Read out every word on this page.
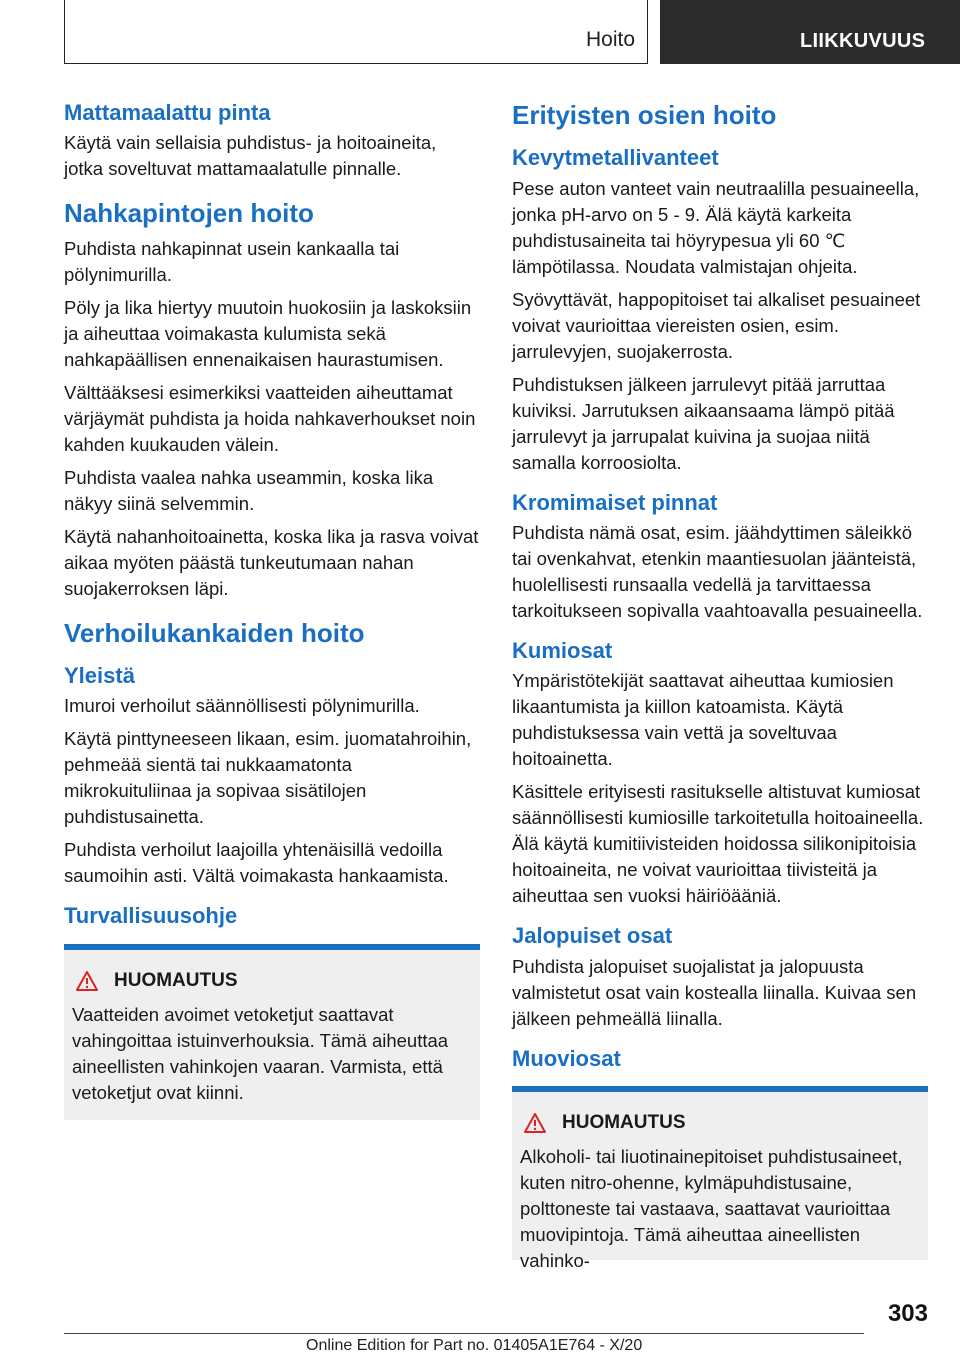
Hoito	LIIKKUVUUS
Mattamaalattu pinta

Käytä vain sellaisia puhdistus- ja hoitoaineita, jotka soveltuvat mattamaalatulle pinnalle.

Nahkapintojen hoito

Puhdista nahkapinnat usein kankaalla tai pölynimurilla.

Pöly ja lika hiertyy muutoin huokosiin ja laskoksiin ja aiheuttaa voimakasta kulumista sekä nahkapäällisen ennenaikaisen haurastumisen.

Välttääksesi esimerkiksi vaatteiden aiheuttamat värjäymät puhdista ja hoida nahkaverhoukset noin kahden kuukauden välein.

Puhdista vaalea nahka useammin, koska lika näkyy siinä selvemmin.

Käytä nahanhoitoainetta, koska lika ja rasva voivat aikaa myöten päästä tunkeutumaan nahan suojakerroksen läpi.

Verhoilukankaiden hoito
Yleistä

Imuroi verhoilut säännöllisesti pölynimurilla.

Käytä pinttyneeseen likaan, esim. juomatahroihin, pehmeää sientä tai nukkaamatonta mikrokuituliinaa ja sopivaa sisätilojen puhdistusainetta.

Puhdista verhoilut laajoilla yhtenäisillä vedoilla saumoihin asti. Vältä voimakasta hankaamista.

Turvallisuusohje
HUOMAUTUS

Vaatteiden avoimet vetoketjut saattavat vahingoittaa istuinverhouksia. Tämä aiheuttaa aineellisten vahinkojen vaaran. Varmista, että vetoketjut ovat kiinni.

Erityisten osien hoito
Kevytmetallivanteet

Pese auton vanteet vain neutraalilla pesuaineella, jonka pH-arvo on 5 - 9. Älä käytä karkeita puhdistusaineita tai höyrypesua yli 60 ℃ lämpötilassa. Noudata valmistajan ohjeita.

Syövyttävät, happopitoiset tai alkaliset pesuaineet voivat vaurioittaa viereisten osien, esim. jarrulevyjen, suojakerrosta.

Puhdistuksen jälkeen jarrulevyt pitää jarruttaa kuiviksi. Jarrutuksen aikaansaama lämpö pitää jarrulevyt ja jarrupalat kuivina ja suojaa niitä samalla korroosiolta.

Kromimaiset pinnat

Puhdista nämä osat, esim. jäähdyttimen säleikkö tai ovenkahvat, etenkin maantiesuolan jäänteistä, huolellisesti runsaalla vedellä ja tarvittaessa tarkoitukseen sopivalla vaahtoavalla pesuaineella.

Kumiosat

Ympäristötekijät saattavat aiheuttaa kumiosien likaantumista ja kiillon katoamista. Käytä puhdistuksessa vain vettä ja soveltuvaa hoitoainetta.

Käsittele erityisesti rasitukselle altistuvat kumiosat säännöllisesti kumiosille tarkoitetulla hoitoaineella. Älä käytä kumitiivisteiden hoidossa silikonipitoisia hoitoaineita, ne voivat vaurioittaa tiivisteitä ja aiheuttaa sen vuoksi häiriöääniä.

Jalopuiset osat

Puhdista jalopuiset suojalistat ja jalopuusta valmistetut osat vain kostealla liinalla. Kuivaa sen jälkeen pehmeällä liinalla.

Muoviosat
HUOMAUTUS

Alkoholi- tai liuotinainepitoiset puhdistusaineet, kuten nitro-ohenne, kylmäpuhdistusaine, polttoneste tai vastaava, saattavat vaurioittaa muovipintoja. Tämä aiheuttaa aineellisten vahinko-

303
Online Edition for Part no. 01405A1E764 - X/20
